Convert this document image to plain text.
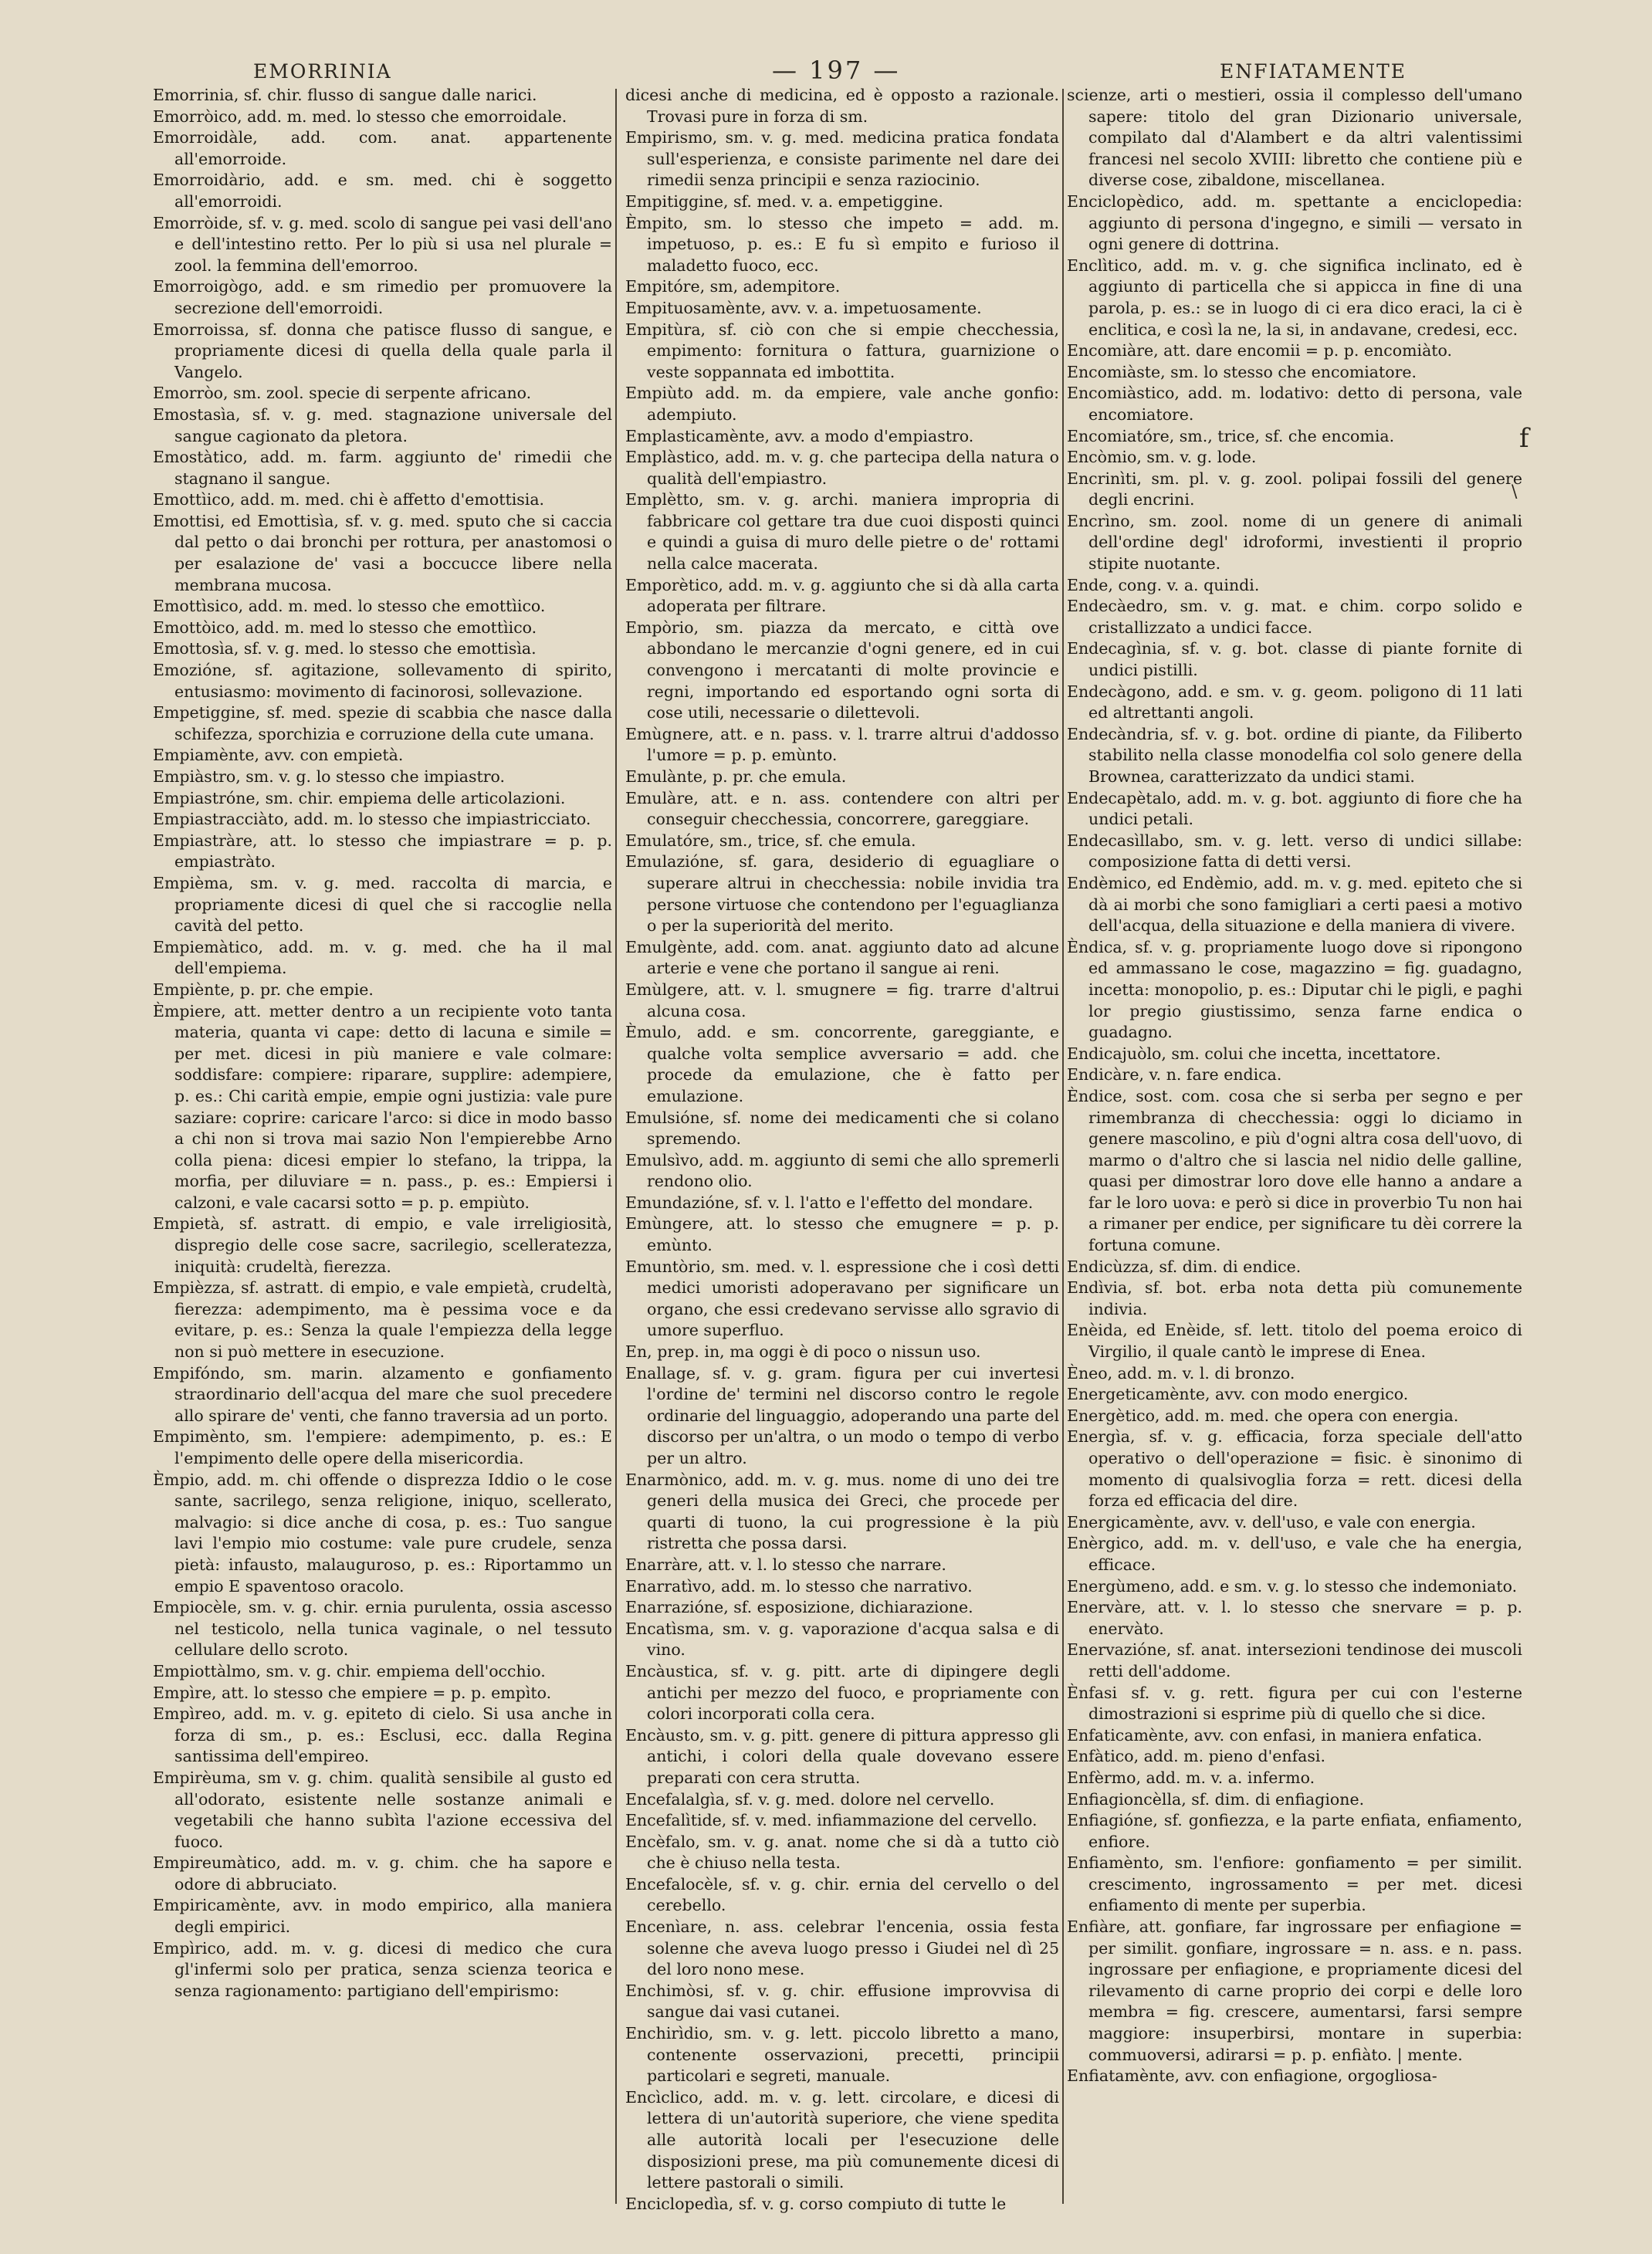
EMORRINIA	— 197 —	ENFIATAMENTE

Emorrinia, sf. chir. flusso di sangue dalle narici.

Emorròico, add. m. med. lo stesso che emorroidale.

Emorroidàle, add. com. anat. appartenente all'emorroide.

Emorroidàrio, add. e sm. med. chi è soggetto all'emorroidi.

Emorròide, sf. v. g. med. scolo di sangue pei vasi dell'ano e dell'intestino retto. Per lo più si usa nel plurale = zool. la femmina dell'emorroo.

Emorroigògo, add. e sm rimedio per promuovere la secrezione dell'emorroidi.

Emorroissa, sf. donna che patisce flusso di sangue, e propriamente dicesi di quella della quale parla il Vangelo.

Emorròo, sm. zool. specie di serpente africano.

Emostasìa, sf. v. g. med. stagnazione universale del sangue cagionato da pletora.

Emostàtico, add. m. farm. aggiunto de' rimedii che stagnano il sangue.

Emottìico, add. m. med. chi è affetto d'emottisia.

Emottisi, ed Emottisìa, sf. v. g. med. sputo che si caccia dal petto o dai bronchi per rottura, per anastomosi o per esalazione de' vasi a boccucce libere nella membrana mucosa.

Emottìsico, add. m. med. lo stesso che emottìico.

Emottòico, add. m. med lo stesso che emottìico.

Emottosìa, sf. v. g. med. lo stesso che emottisìa.

Emozióne, sf. agitazione, sollevamento di spirito, entusiasmo: movimento di facinorosi, sollevazione.

Empetiggine, sf. med. spezie di scabbia che nasce dalla schifezza, sporchizia e corruzione della cute umana.

Empiamènte, avv. con empietà.

Empiàstro, sm. v. g. lo stesso che impiastro.

Empiastróne, sm. chir. empiema delle articolazioni.

Empiastracciàto, add. m. lo stesso che impiastricciato.

Empiastràre, att. lo stesso che impiastrare = p. p. empiastràto.

Empièma, sm. v. g. med. raccolta di marcia, e propriamente dicesi di quel che si raccoglie nella cavità del petto.

Empiemàtico, add. m. v. g. med. che ha il mal dell'empiema.

Empiènte, p. pr. che empie.

Èmpiere, att. metter dentro a un recipiente voto tanta materia, quanta vi cape: detto di lacuna e simile = per met. dicesi in più maniere e vale colmare: soddisfare: compiere: riparare, supplire: adempiere, p. es.: Chi carità empie, empie ogni justizia: vale pure saziare: coprire: caricare l'arco: si dice in modo basso a chi non si trova mai sazio Non l'empierebbe Arno colla piena: dicesi empier lo stefano, la trippa, la morfia, per diluviare = n. pass., p. es.: Empiersi i calzoni, e vale cacarsi sotto = p. p. empiùto.

Empietà, sf. astratt. di empio, e vale irreligiosità, dispregio delle cose sacre, sacrilegio, scelleratezza, iniquità: crudeltà, fierezza.

Empièzza, sf. astratt. di empio, e vale empietà, crudeltà, fierezza: adempimento, ma è pessima voce e da evitare, p. es.: Senza la quale l'empiezza della legge non si può mettere in esecuzione.

Empifóndo, sm. marin. alzamento e gonfiamento straordinario dell'acqua del mare che suol precedere allo spirare de' venti, che fanno traversia ad un porto.

Empimènto, sm. l'empiere: adempimento, p. es.: E l'empimento delle opere della misericordia.

Èmpio, add. m. chi offende o disprezza Iddio o le cose sante, sacrilego, senza religione, iniquo, scellerato, malvagio: si dice anche di cosa, p. es.: Tuo sangue lavi l'empio mio costume: vale pure crudele, senza pietà: infausto, malauguroso, p. es.: Riportammo un empio E spaventoso oracolo.

Empiocèle, sm. v. g. chir. ernia purulenta, ossia ascesso nel testicolo, nella tunica vaginale, o nel tessuto cellulare dello scroto.

Empiottàlmo, sm. v. g. chir. empiema dell'occhio.

Empìre, att. lo stesso che empiere = p. p. empìto.

Empìreo, add. m. v. g. epiteto di cielo. Si usa anche in forza di sm., p. es.: Esclusi, ecc. dalla Regina santissima dell'empireo.

Empirèuma, sm v. g. chim. qualità sensibile al gusto ed all'odorato, esistente nelle sostanze animali e vegetabili che hanno subìta l'azione eccessiva del fuoco.

Empireumàtico, add. m. v. g. chim. che ha sapore e odore di abbruciato.

Empiricamènte, avv. in modo empirico, alla maniera degli empirici.

Empìrico, add. m. v. g. dicesi di medico che cura gl'infermi solo per pratica, senza scienza teorica e senza ragionamento: partigiano dell'empirismo:

dicesi anche di medicina, ed è opposto a razionale. Trovasi pure in forza di sm.

Empirismo, sm. v. g. med. medicina pratica fondata sull'esperienza, e consiste parimente nel dare dei rimedii senza principii e senza raziocinio.

Empitiggine, sf. med. v. a. empetiggine.

Èmpito, sm. lo stesso che impeto = add. m. impetuoso, p. es.: E fu sì empito e furioso il maladetto fuoco, ecc.

Empitóre, sm, adempitore.

Empituosamènte, avv. v. a. impetuosamente.

Empitùra, sf. ciò con che si empie checchessia, empimento: fornitura o fattura, guarnizione o veste soppannata ed imbottita.

Empiùto add. m. da empiere, vale anche gonfio: adempiuto.

Emplasticamènte, avv. a modo d'empiastro.

Emplàstico, add. m. v. g. che partecipa della natura o qualità dell'empiastro.

Emplètto, sm. v. g. archi. maniera impropria di fabbricare col gettare tra due cuoi disposti quinci e quindi a guisa di muro delle pietre o de' rottami nella calce macerata.

Emporètico, add. m. v. g. aggiunto che si dà alla carta adoperata per filtrare.

Empòrio, sm. piazza da mercato, e città ove abbondano le mercanzie d'ogni genere, ed in cui convengono i mercatanti di molte provincie e regni, importando ed esportando ogni sorta di cose utili, necessarie o dilettevoli.

Emùgnere, att. e n. pass. v. l. trarre altrui d'addosso l'umore = p. p. emùnto.

Emulànte, p. pr. che emula.

Emulàre, att. e n. ass. contendere con altri per conseguir checchessia, concorrere, gareggiare.

Emulatóre, sm., trice, sf. che emula.

Emulazióne, sf. gara, desiderio di eguagliare o superare altrui in checchessia: nobile invidia tra persone virtuose che contendono per l'eguaglianza o per la superiorità del merito.

Emulgènte, add. com. anat. aggiunto dato ad alcune arterie e vene che portano il sangue ai reni.

Emùlgere, att. v. l. smugnere = fig. trarre d'altrui alcuna cosa.

Èmulo, add. e sm. concorrente, gareggiante, e qualche volta semplice avversario = add. che procede da emulazione, che è fatto per emulazione.

Emulsióne, sf. nome dei medicamenti che si colano spremendo.

Emulsìvo, add. m. aggiunto di semi che allo spremerli rendono olio.

Emundazióne, sf. v. l. l'atto e l'effetto del mondare.

Emùngere, att. lo stesso che emugnere = p. p. emùnto.

Emuntòrio, sm. med. v. l. espressione che i così detti medici umoristi adoperavano per significare un organo, che essi credevano servisse allo sgravio di umore superfluo.

En, prep. in, ma oggi è di poco o nissun uso.

Enallage, sf. v. g. gram. figura per cui invertesi l'ordine de' termini nel discorso contro le regole ordinarie del linguaggio, adoperando una parte del discorso per un'altra, o un modo o tempo di verbo per un altro.

Enarmònico, add. m. v. g. mus. nome di uno dei tre generi della musica dei Greci, che procede per quarti di tuono, la cui progressione è la più ristretta che possa darsi.

Enarràre, att. v. l. lo stesso che narrare.

Enarratìvo, add. m. lo stesso che narrativo.

Enarrazióne, sf. esposizione, dichiarazione.

Encatìsma, sm. v. g. vaporazione d'acqua salsa e di vino.

Encàustica, sf. v. g. pitt. arte di dipingere degli antichi per mezzo del fuoco, e propriamente con colori incorporati colla cera.

Encàusto, sm. v. g. pitt. genere di pittura appresso gli antichi, i colori della quale dovevano essere preparati con cera strutta.

Encefalalgìa, sf. v. g. med. dolore nel cervello.

Encefalìtide, sf. v. med. infiammazione del cervello.

Encèfalo, sm. v. g. anat. nome che si dà a tutto ciò che è chiuso nella testa.

Encefalocèle, sf. v. g. chir. ernia del cervello o del cerebello.

Encenìare, n. ass. celebrar l'encenia, ossia festa solenne che aveva luogo presso i Giudei nel dì 25 del loro nono mese.

Enchimòsi, sf. v. g. chir. effusione improvvisa di sangue dai vasi cutanei.

Enchirìdio, sm. v. g. lett. piccolo libretto a mano, contenente osservazioni, precetti, principii particolari e segreti, manuale.

Encìclico, add. m. v. g. lett. circolare, e dicesi di lettera di un'autorità superiore, che viene spedita alle autorità locali per l'esecuzione delle disposizioni prese, ma più comunemente dicesi di lettere pastorali o simili.

Enciclopedìa, sf. v. g. corso compiuto di tutte le

scienze, arti o mestieri, ossia il complesso dell'umano sapere: titolo del gran Dizionario universale, compilato dal d'Alambert e da altri valentissimi francesi nel secolo XVIII: libretto che contiene più e diverse cose, zibaldone, miscellanea.

Enciclopèdico, add. m. spettante a enciclopedia: aggiunto di persona d'ingegno, e simili — versato in ogni genere di dottrina.

Enclìtico, add. m. v. g. che significa inclinato, ed è aggiunto di particella che si appicca in fine di una parola, p. es.: se in luogo di ci era dico eraci, la ci è enclitica, e così la ne, la si, in andavane, credesi, ecc.

Encomiàre, att. dare encomii = p. p. encomiàto.

Encomiàste, sm. lo stesso che encomiatore.

Encomiàstico, add. m. lodativo: detto di persona, vale encomiatore.

Encomiatóre, sm., trice, sf. che encomia.

Encòmio, sm. v. g. lode.

Encrinìti, sm. pl. v. g. zool. polipai fossili del genere degli encrini.

Encrìno, sm. zool. nome di un genere di animali dell'ordine degl' idroformi, investienti il proprio stipite nuotante.

Ende, cong. v. a. quindi.

Endecàedro, sm. v. g. mat. e chim. corpo solido e cristallizzato a undici facce.

Endecagìnia, sf. v. g. bot. classe di piante fornite di undici pistilli.

Endecàgono, add. e sm. v. g. geom. poligono di 11 lati ed altrettanti angoli.

Endecàndria, sf. v. g. bot. ordine di piante, da Filiberto stabilito nella classe monodelfia col solo genere della Brownea, caratterizzato da undici stami.

Endecapètalo, add. m. v. g. bot. aggiunto di fiore che ha undici petali.

Endecasìllabo, sm. v. g. lett. verso di undici sillabe: composizione fatta di detti versi.

Endèmico, ed Endèmio, add. m. v. g. med. epiteto che si dà ai morbi che sono famigliari a certi paesi a motivo dell'acqua, della situazione e della maniera di vivere.

Èndica, sf. v. g. propriamente luogo dove si ripongono ed ammassano le cose, magazzino = fig. guadagno, incetta: monopolio, p. es.: Diputar chi le pigli, e paghi lor pregio giustissimo, senza farne endica o guadagno.

Endicajuòlo, sm. colui che incetta, incettatore.

Endicàre, v. n. fare endica.

Èndice, sost. com. cosa che si serba per segno e per rimembranza di checchessia: oggi lo diciamo in genere mascolino, e più d'ogni altra cosa dell'uovo, di marmo o d'altro che si lascia nel nidio delle galline, quasi per dimostrar loro dove elle hanno a andare a far le loro uova: e però si dice in proverbio Tu non hai a rimaner per endice, per significare tu dèi correre la fortuna comune.

Endicùzza, sf. dim. di endice.

Endìvia, sf. bot. erba nota detta più comunemente indivia.

Enèida, ed Enèide, sf. lett. titolo del poema eroico di Virgilio, il quale cantò le imprese di Enea.

Èneo, add. m. v. l. di bronzo.

Energeticamènte, avv. con modo energico.

Energètico, add. m. med. che opera con energia.

Energìa, sf. v. g. efficacia, forza speciale dell'atto operativo o dell'operazione = fisic. è sinonimo di momento di qualsivoglia forza = rett. dicesi della forza ed efficacia del dire.

Energicamènte, avv. v. dell'uso, e vale con energia.

Enèrgico, add. m. v. dell'uso, e vale che ha energia, efficace.

Energùmeno, add. e sm. v. g. lo stesso che indemoniato.

Enervàre, att. v. l. lo stesso che snervare = p. p. enervàto.

Enervazióne, sf. anat. intersezioni tendinose dei muscoli retti dell'addome.

Ènfasi sf. v. g. rett. figura per cui con l'esterne dimostrazioni si esprime più di quello che si dice.

Enfaticamènte, avv. con enfasi, in maniera enfatica.

Enfàtico, add. m. pieno d'enfasi.

Enfèrmo, add. m. v. a. infermo.

Enfiagioncèlla, sf. dim. di enfiagione.

Enfiagióne, sf. gonfiezza, e la parte enfiata, enfiamento, enfiore.

Enfiamènto, sm. l'enfiore: gonfiamento = per similit. crescimento, ingrossamento = per met. dicesi enfiamento di mente per superbia.

Enfiàre, att. gonfiare, far ingrossare per enfiagione = per similit. gonfiare, ingrossare = n. ass. e n. pass. ingrossare per enfiagione, e propriamente dicesi del rilevamento di carne proprio dei corpi e delle loro membra = fig. crescere, aumentarsi, farsi sempre maggiore: insuperbirsi, montare in superbia: commuoversi, adirarsi = p. p. enfiàto. | mente.

Enfiatamènte, avv. con enfiagione, orgogliosa-

f
\
